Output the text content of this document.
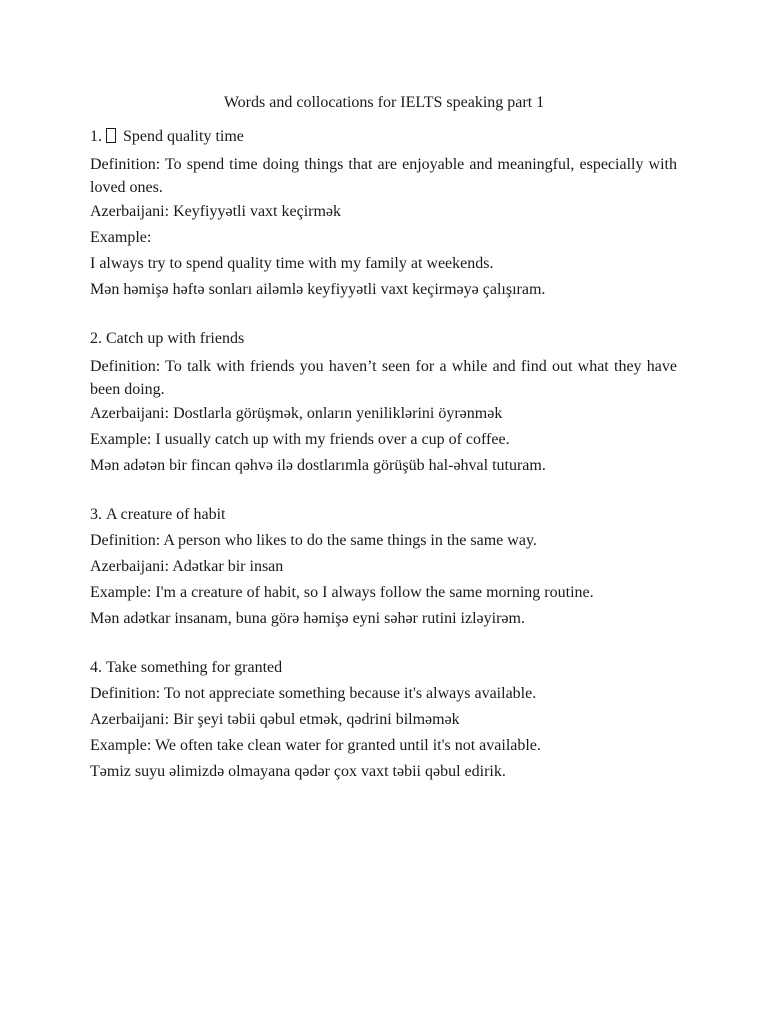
Words and collocations for IELTS speaking part 1
1. Spend quality time
Definition: To spend time doing things that are enjoyable and meaningful, especially with loved ones.
Azerbaijani: Keyfiyyətli vaxt keçirmək
Example:
I always try to spend quality time with my family at weekends.
Mən həmişə həftə sonları ailəmlə keyfiyyətli vaxt keçirməyə çalışıram.
2. Catch up with friends
Definition: To talk with friends you haven’t seen for a while and find out what they have been doing.
Azerbaijani: Dostlarla görüşmək, onların yeniliklərini öyrənmək
Example: I usually catch up with my friends over a cup of coffee.
Mən adətən bir fincan qəhvə ilə dostlarımla görüşüb hal-əhval tuturam.
3. A creature of habit
Definition: A person who likes to do the same things in the same way.
Azerbaijani: Adətkar bir insan
Example: I'm a creature of habit, so I always follow the same morning routine.
Mən adətkar insanam, buna görə həmişə eyni səhər rutini izləyirəm.
4. Take something for granted
Definition: To not appreciate something because it's always available.
Azerbaijani: Bir şeyi təbii qəbul etmək, qədrini bilməmək
Example: We often take clean water for granted until it's not available.
Təmiz suyu əlimizdə olmayana qədər çox vaxt təbii qəbul edirik.
